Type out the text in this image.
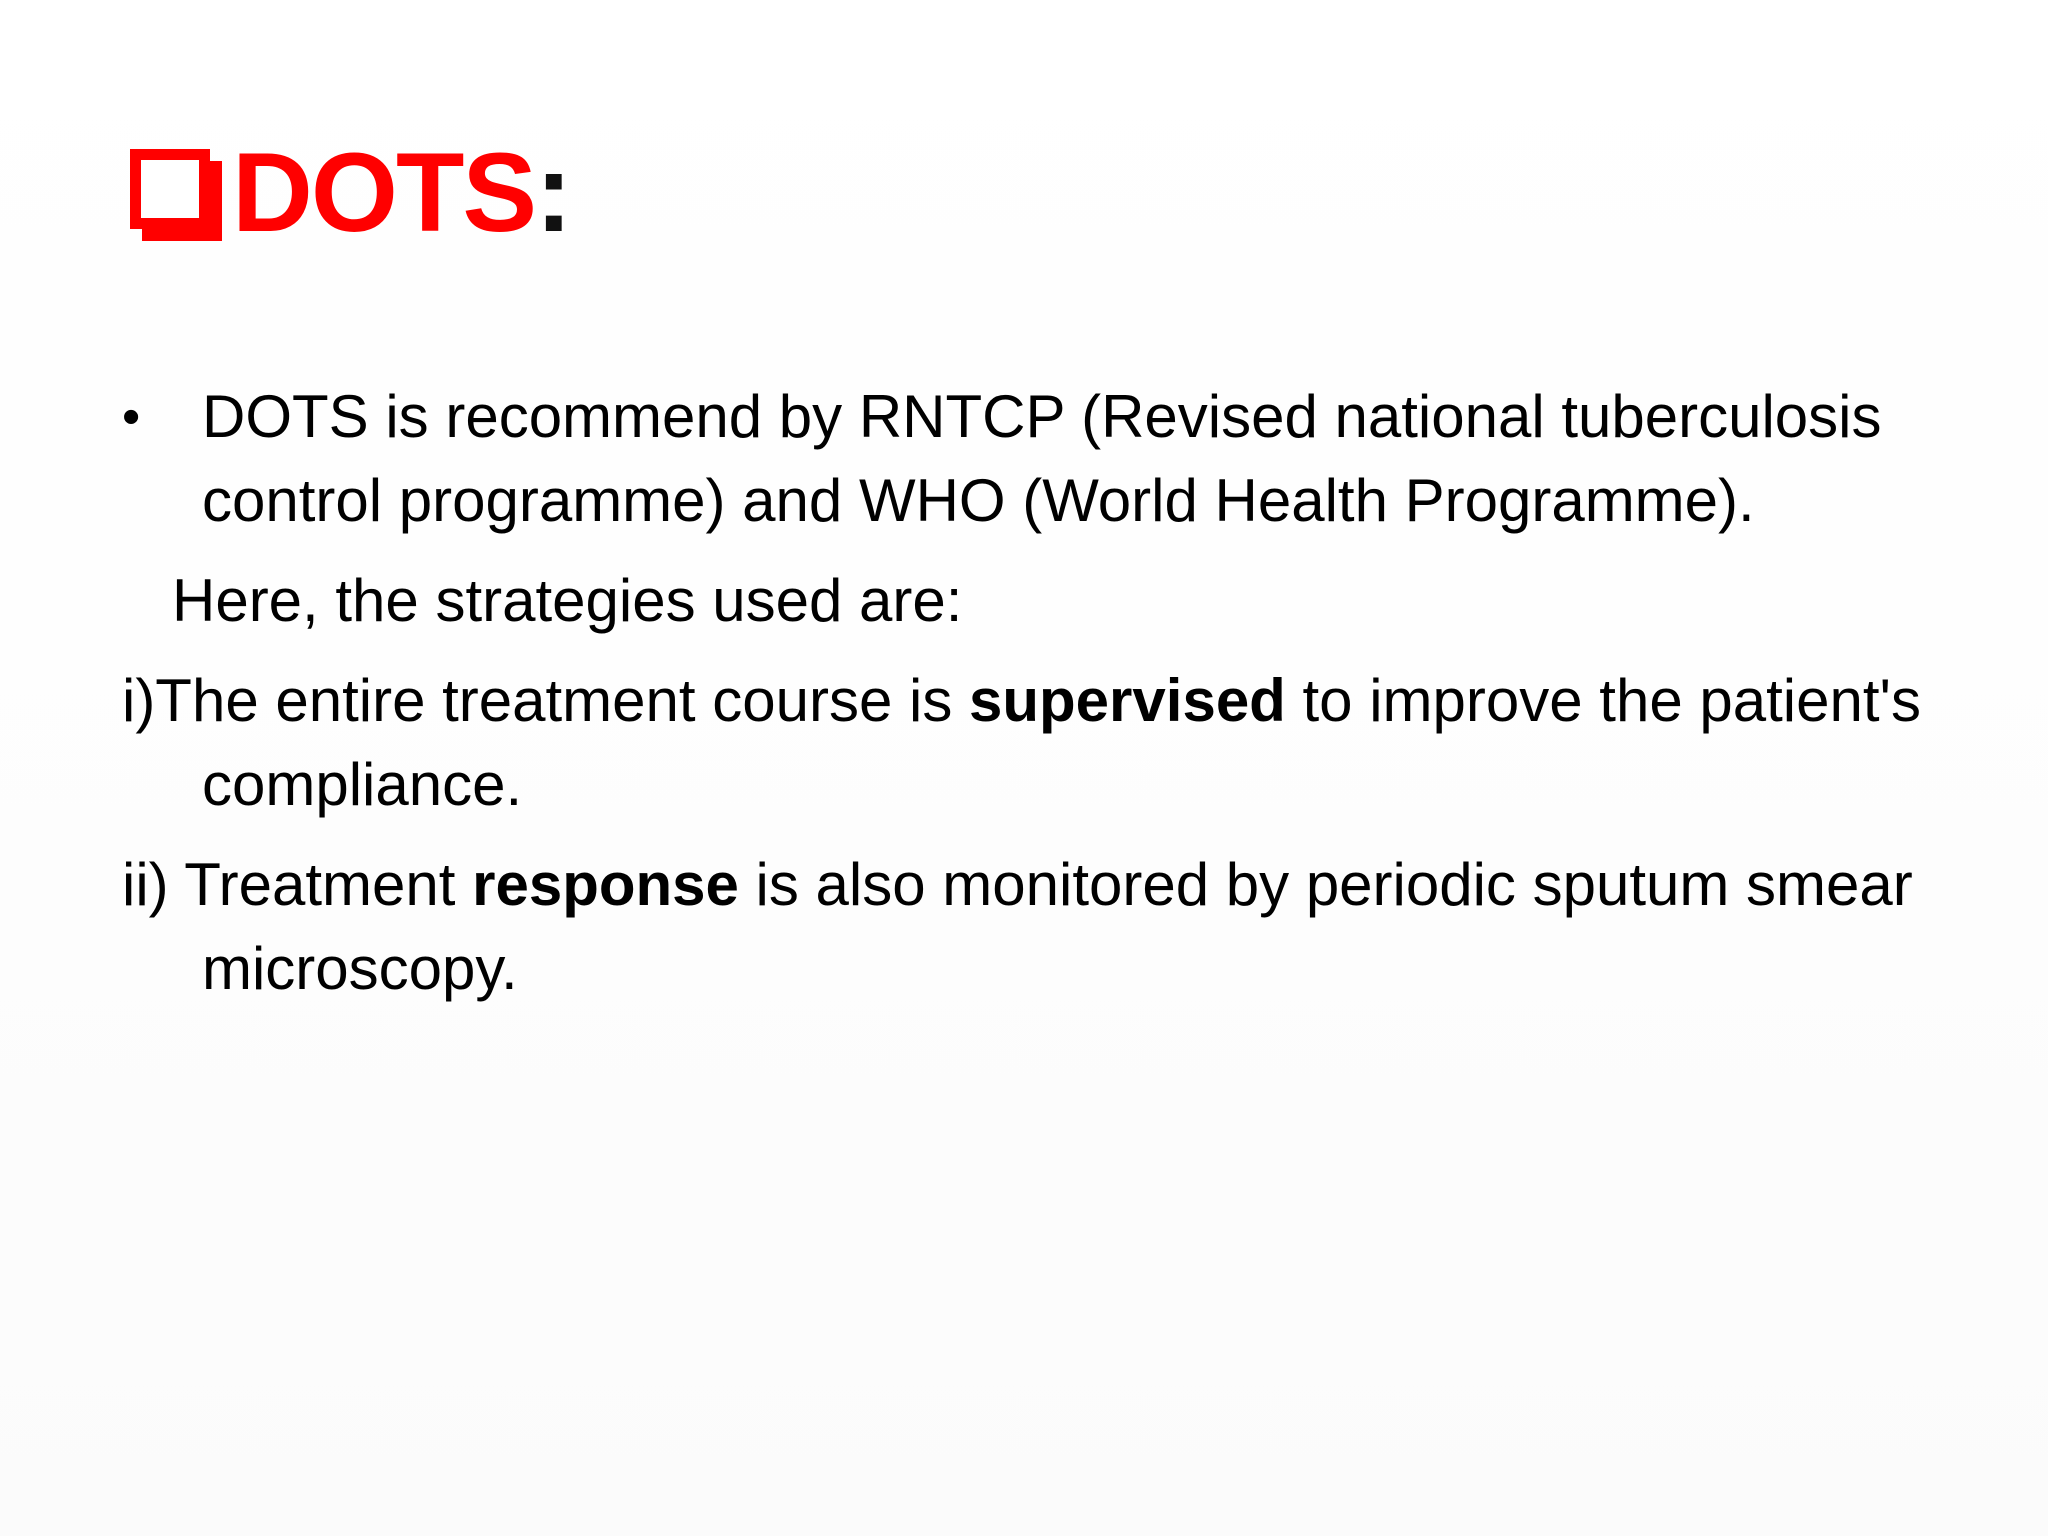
DOTS :

•	DOTS is recommend by RNTCP (Revised national tuberculosis control programme) and WHO (World Health Programme).

Here, the strategies used are:

i)The entire treatment course is supervised to improve the patient's compliance.

ii) Treatment response is also monitored by periodic sputum smear microscopy.
